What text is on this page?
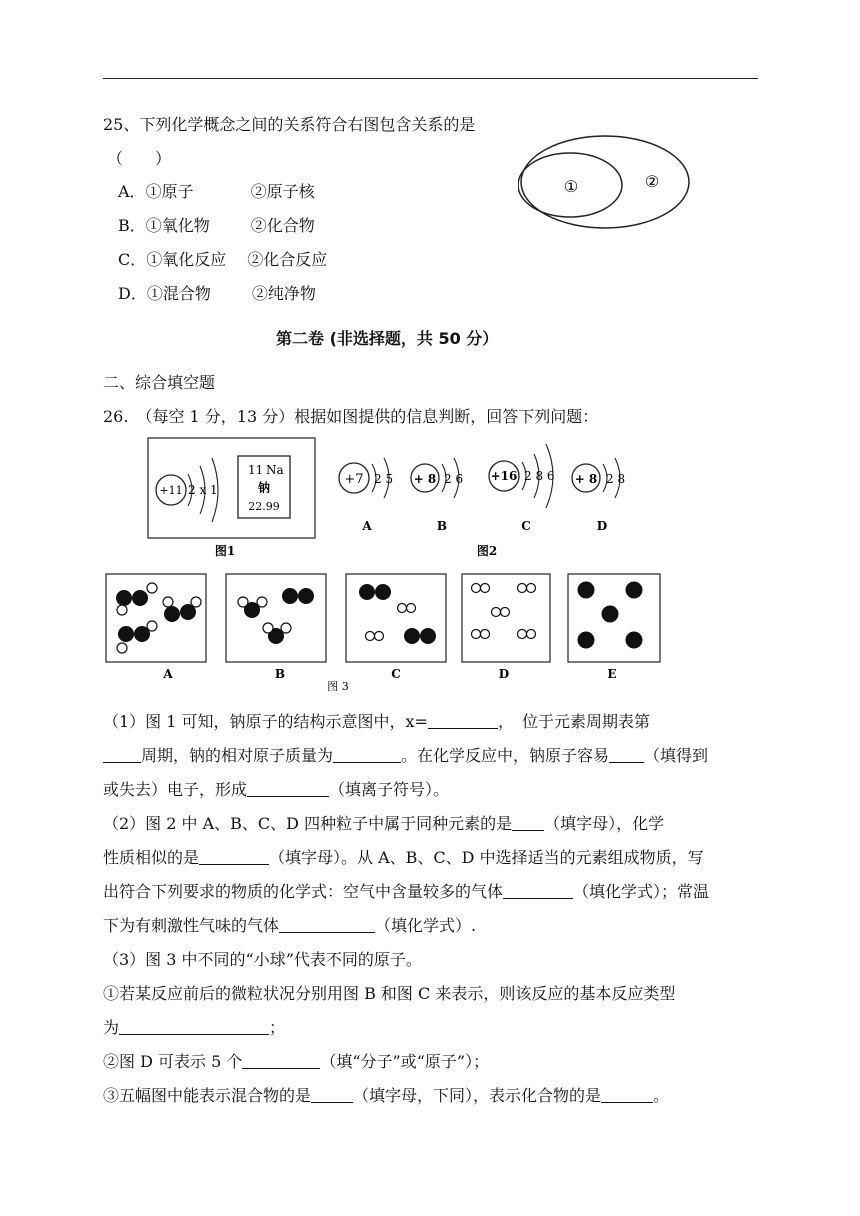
25、下列化学概念之间的关系符合右图包含关系的是
（　　）
A．①原子	②原子核
B．①氧化物	②化合物
C．①氧化反应 ②化合反应
D．①混合物	②纯净物
①	②
第二卷 (非选择题，共 50 分）
二、综合填空题
26.　（每空 1 分，13 分）根据如图提供的信息判断，回答下列问题：
+11 2 x 1
11 Na
钠
22.99
图1
+7 2 5
A
+ 8 2 6
B
+16 2 8 6
C
+ 8 2 8
D
图2
A	B	C	D	E
图 3
（1）图 1 可知，钠原子的结构示意图中，x=	，　位于元素周期表第
周期，钠的相对原子质量为	。在化学反应中，钠原子容易 （填得到
或失去）电子，形成	（填离子符号）。
（2）图 2 中 A、B、C、D 四种粒子中属于同种元素的是 （填字母），化学
性质相似的是	（填字母）。从 A、B、C、D 中选择适当的元素组成物质，写
出符合下列要求的物质的化学式：空气中含量较多的气体	（填化学式）；常温
下为有刺激性气味的气体	（填化学式）.
（3）图 3 中不同的“小球”代表不同的原子。
①若某反应前后的微粒状况分别用图 B 和图 C 来表示，则该反应的基本反应类型
为	；
②图 D 可表示 5 个	（填“分子”或“原子”）；
③五幅图中能表示混合物的是	（填字母，下同），表示化合物的是	。
